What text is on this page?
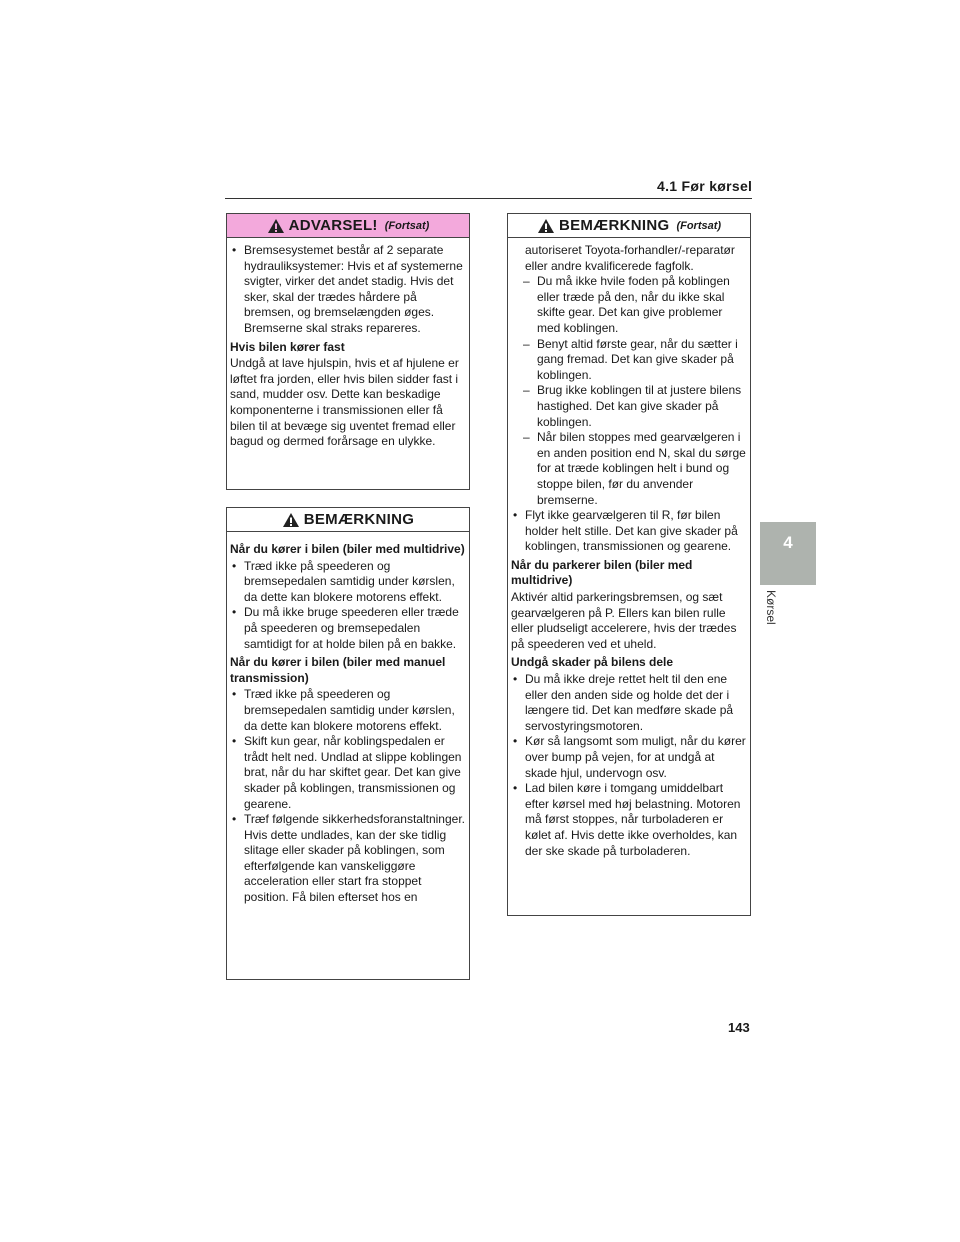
4.1 Før kørsel
ADVARSEL! (Fortsat)

• Bremsesystemet består af 2 separate hydrauliksystemer: Hvis et af systemerne svigter, virker det andet stadig. Hvis det sker, skal der trædes hårdere på bremsen, og bremselængden øges. Bremserne skal straks repareres.

Hvis bilen kører fast

Undgå at lave hjulspin, hvis et af hjulene er løftet fra jorden, eller hvis bilen sidder fast i sand, mudder osv. Dette kan beskadige komponenterne i transmissionen eller få bilen til at bevæge sig uventet fremad eller bagud og dermed forårsage en ulykke.

BEMÆRKNING

Når du kører i bilen (biler med multidrive)

• Træd ikke på speederen og bremsepedalen samtidig under kørslen, da dette kan blokere motorens effekt.

• Du må ikke bruge speederen eller træde på speederen og bremsepedalen samtidigt for at holde bilen på en bakke.

Når du kører i bilen (biler med manuel transmission)

• Træd ikke på speederen og bremsepedalen samtidig under kørslen, da dette kan blokere motorens effekt.

• Skift kun gear, når koblingspedalen er trådt helt ned. Undlad at slippe koblingen brat, når du har skiftet gear. Det kan give skader på koblingen, transmissionen og gearene.

• Træf følgende sikkerhedsforanstaltninger. Hvis dette undlades, kan der ske tidlig slitage eller skader på koblingen, som efterfølgende kan vanskeliggøre acceleration eller start fra stoppet position. Få bilen efterset hos en

BEMÆRKNING (Fortsat)

autoriseret Toyota-forhandler/-reparatør eller andre kvalificerede fagfolk.

– Du må ikke hvile foden på koblingen eller træde på den, når du ikke skal skifte gear. Det kan give problemer med koblingen.

– Benyt altid første gear, når du sætter i gang fremad. Det kan give skader på koblingen.

– Brug ikke koblingen til at justere bilens hastighed. Det kan give skader på koblingen.

– Når bilen stoppes med gearvælgeren i en anden position end N, skal du sørge for at træde koblingen helt i bund og stoppe bilen, før du anvender bremserne.

• Flyt ikke gearvælgeren til R, før bilen holder helt stille. Det kan give skader på koblingen, transmissionen og gearene.

Når du parkerer bilen (biler med multidrive)

Aktivér altid parkeringsbremsen, og sæt gearvælgeren på P. Ellers kan bilen rulle eller pludseligt accelerere, hvis der trædes på speederen ved et uheld.

Undgå skader på bilens dele

• Du må ikke dreje rettet helt til den ene eller den anden side og holde det der i længere tid. Det kan medføre skade på servostyringsmotoren.

• Kør så langsomt som muligt, når du kører over bump på vejen, for at undgå at skade hjul, undervogn osv.

• Lad bilen køre i tomgang umiddelbart efter kørsel med høj belastning. Motoren må først stoppes, når turboladeren er kølet af. Hvis dette ikke overholdes, kan der ske skade på turboladeren.

4
Kørsel
143
